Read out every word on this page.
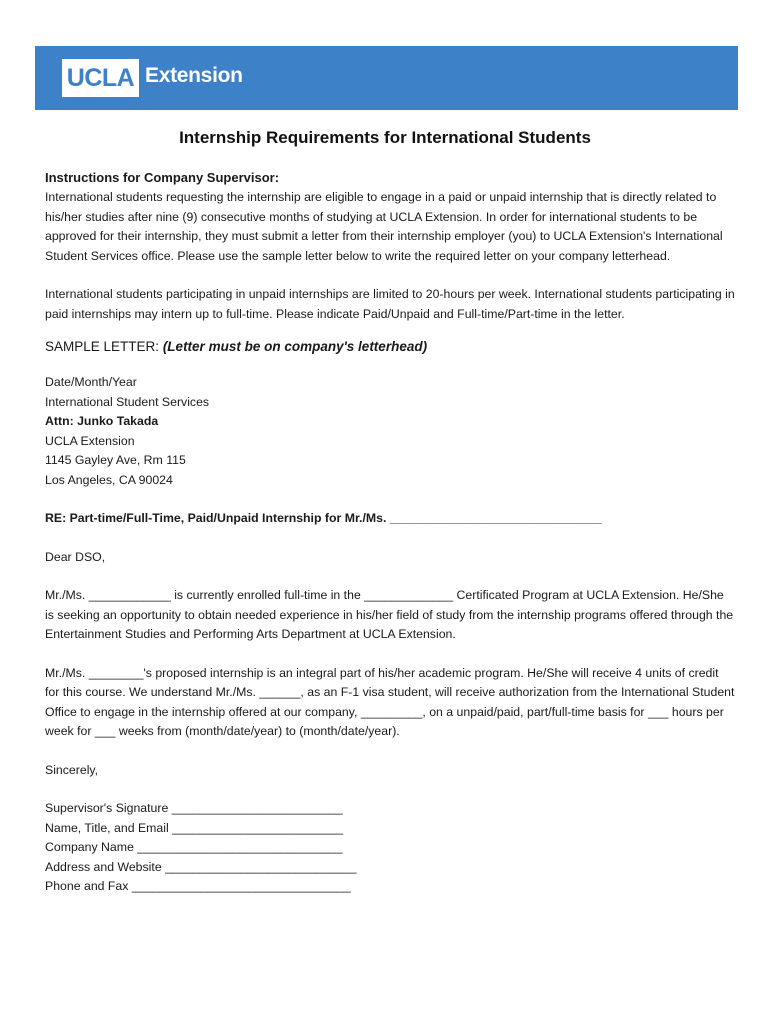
UCLA Extension
Internship Requirements for International Students

Instructions for Company Supervisor:

International students requesting the internship are eligible to engage in a paid or unpaid internship that is directly related to his/her studies after nine (9) consecutive months of studying at UCLA Extension. In order for international students to be approved for their internship, they must submit a letter from their internship employer (you) to UCLA Extension's International Student Services office. Please use the sample letter below to write the required letter on your company letterhead.

International students participating in unpaid internships are limited to 20-hours per week. International students participating in paid internships may intern up to full-time. Please indicate Paid/Unpaid and Full-time/Part-time in the letter.

SAMPLE LETTER: (Letter must be on company's letterhead)

Date/Month/Year

International Student Services

Attn: Junko Takada

UCLA Extension

1145 Gayley Ave, Rm 115

Los Angeles, CA 90024

RE: Part-time/Full-Time, Paid/Unpaid Internship for Mr./Ms. _______________________________

Dear DSO,

Mr./Ms. ____________ is currently enrolled full-time in the _____________ Certificated Program at UCLA Extension. He/She is seeking an opportunity to obtain needed experience in his/her field of study from the internship programs offered through the Entertainment Studies and Performing Arts Department at UCLA Extension.

Mr./Ms. ________'s proposed internship is an integral part of his/her academic program. He/She will receive 4 units of credit for this course. We understand Mr./Ms. ______, as an F-1 visa student, will receive authorization from the International Student Office to engage in the internship offered at our company, _________, on a unpaid/paid, part/full-time basis for ___ hours per week for ___ weeks from (month/date/year) to (month/date/year).

Sincerely,

Supervisor's Signature _________________________

Name, Title, and Email _________________________

Company Name ______________________________

Address and Website ____________________________

Phone and Fax ________________________________
